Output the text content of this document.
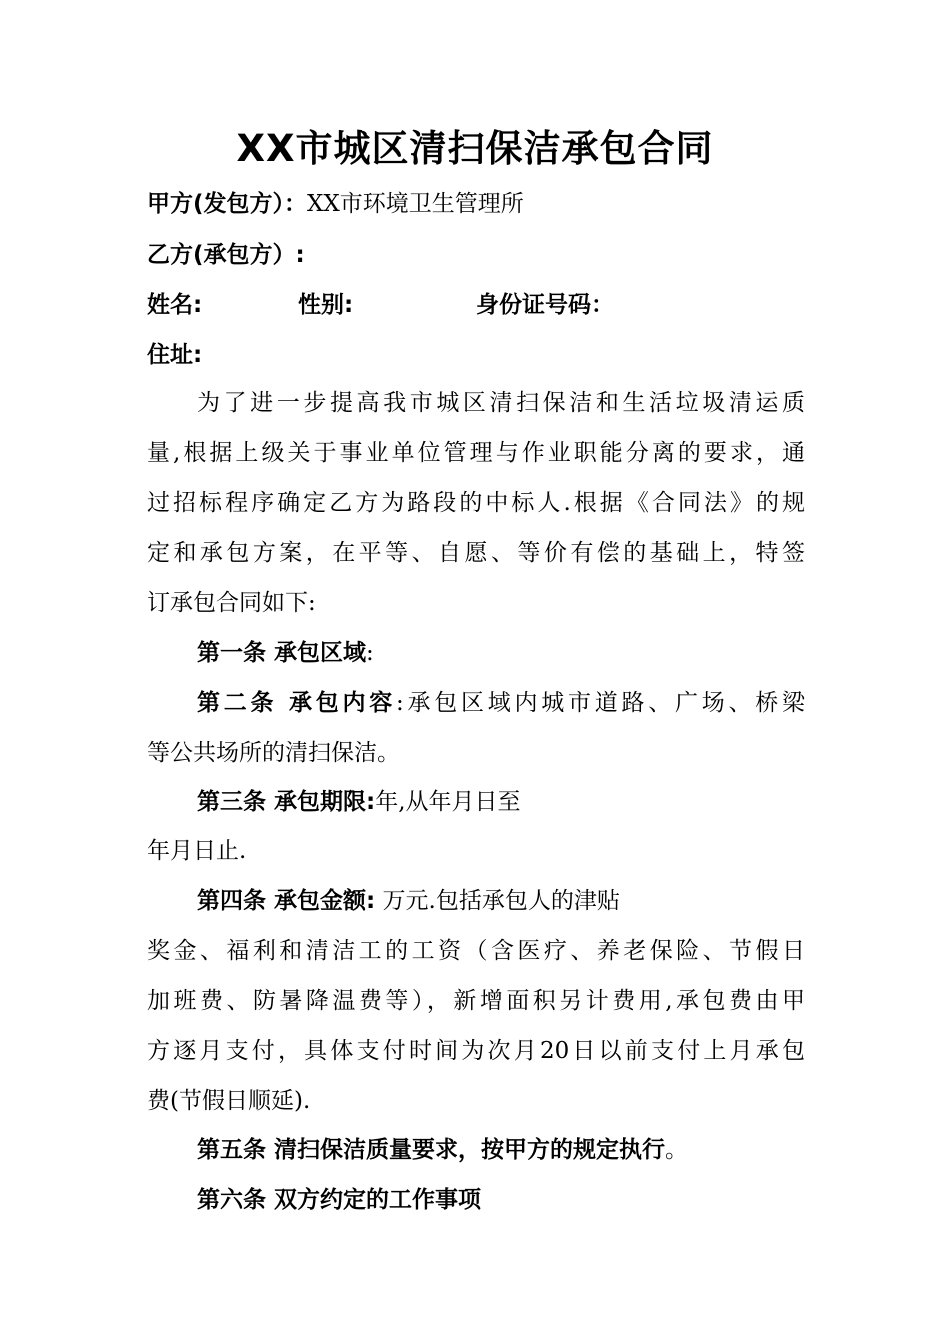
XX市城区清扫保洁承包合同
甲方(发包方）：XX市环境卫生管理所
乙方(承包方）:
姓名:	性别:	身份证号码：
住址:
为了进一步提高我市城区清扫保洁和生活垃圾清运质
量,根据上级关于事业单位管理与作业职能分离的要求，通
过招标程序确定乙方为路段的中标人.根据《合同法》的规
定和承包方案，在平等、自愿、等价有偿的基础上，特签
订承包合同如下:
第一条 承包区域:
第二条 承包内容:承包区域内城市道路、广场、桥梁
等公共场所的清扫保洁。
第三条 承包期限:年,从年月日至
年月日止.
第四条 承包金额: 万元.包括承包人的津贴
奖金、福利和清洁工的工资（含医疗、养老保险、节假日
加班费、防暑降温费等），新增面积另计费用,承包费由甲
方逐月支付，具体支付时间为次月20日以前支付上月承包
费(节假日顺延).
第五条 清扫保洁质量要求，按甲方的规定执行。
第六条 双方约定的工作事项
